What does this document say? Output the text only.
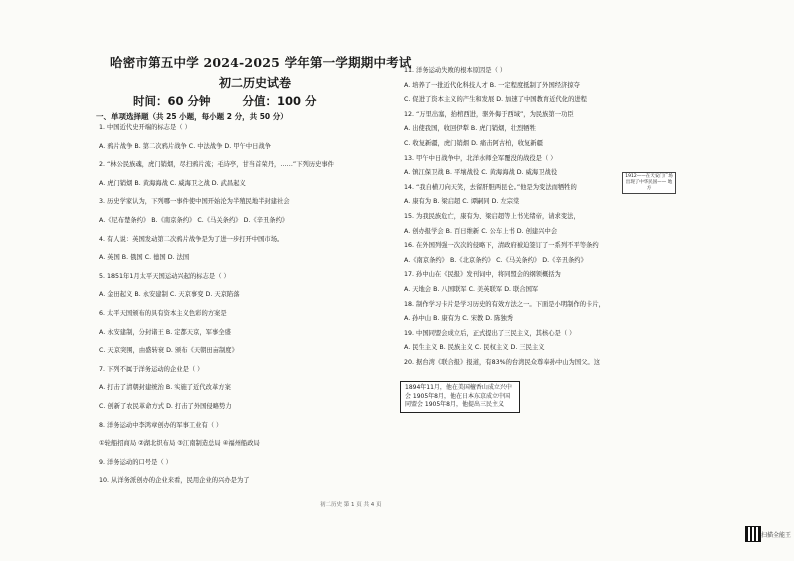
哈密市第五中学 2024-2025 学年第一学期期中考试
初二历史试卷
时间：60 分钟	分值：100 分
一、单项选择题（共 25 小题，每小题 2 分，共 50 分）
1. 中国近代史开端的标志是（ ）
A. 鸦片战争 B. 第二次鸦片战争 C. 中法战争 D. 甲午中日战争
2. “林公民族魂，虎门销烟，尽扫鸦片流；毛诗亭，甘当首荣丹，……”下列历史事件
A. 虎门销烟 B. 黄海海战 C. 威海卫之战 D. 武昌起义
3. 历史学家认为，下列哪一事件使中国开始沦为半殖民地半封建社会
A.《尼布楚条约》 B.《南京条约》 C.《马关条约》 D.《辛丑条约》
4. 有人说：英国发动第二次鸦片战争是为了进一步打开中国市场。
A. 英国 B. 俄国 C. 德国 D. 法国
5. 1851年1月太平天国运动兴起的标志是（ ）
A. 金田起义 B. 永安建制 C. 天京事变 D. 天京陷落
6. 太平天国颁布的具有资本主义色彩的方案是
A. 永安建制，分封诸王 B. 定都天京，军事全盛
C. 天京突围，由盛转衰 D. 颁布《天朝田亩制度》
7. 下列不属于洋务运动的企业是（ ）
A. 打击了清朝封建统治 B. 实施了近代改革方案
C. 创新了农民革命方式 D. 打击了外国侵略势力
8. 洋务运动中李鸿章创办的军事工业有（ ）
①轮船招商局 ②湖北织布局 ③江南制造总局 ④福州船政局
9. 洋务运动的口号是（ ）
10. 从洋务派创办的企业来看，民用企业的兴办是为了
11. 洋务运动失败的根本原因是（ ）
A. 培养了一批近代化科技人才 B. 一定程度抵制了外国经济掠夺
C. 促进了资本主义的产生和发展 D. 加速了中国教育近代化的进程
12. “万里出塞，抬棺西进，驱外侮于西域”，为民族第一功臣
A. 出使我国，收回伊犁 B. 虎门销烟，壮烈牺牲
C. 收复新疆，虎门销烟 D. 痛击阿古柏，收复新疆
13. 甲午中日战争中，北洋水师全军覆没的战役是（ ）
A. 镇江保卫战 B. 平壤战役 C. 黄海海战 D. 威海卫战役
14. “我自横刀向天笑，去留肝胆两昆仑。”他是为变法而牺牲的
A. 康有为 B. 梁启超 C. 谭嗣同 D. 左宗棠
15. 为我民族危亡，康有为、梁启超等上书光绪帝，请求变法，
A. 创办报学会 B. 百日维新 C. 公车上书 D. 创建兴中会
16. 在外国列强一次次的侵略下，清政府被迫签订了一系列不平等条约
A.《南京条约》 B.《北京条约》 C.《马关条约》 D.《辛丑条约》
17. 孙中山在《民报》发刊词中，将同盟会的纲领概括为
A. 天地会 B. 八国联军 C. 美英联军 D. 联合国军
18. 制作学习卡片是学习历史的有效方法之一。下面是小明制作的卡片，
A. 孙中山 B. 康有为 C. 宋教 D. 陈独秀
19. 中国同盟会成立后，正式提出了三民主义，其核心是（ ）
A. 民生主义 B. 民族主义 C. 民权主义 D. 三民主义
20. 据台湾《联合报》报道，有83%的台湾民众尊奉孙中山为国父。这
1894年11月，他在美国檀香山成立兴中会 1905年8月，他在日本东京成立中国同盟会 1905年8月，他提出三民主义
1912——在天安门广场 出现了中华民国—— 地方
初二历史 第 1 页 共 4 页
扫描全能王
